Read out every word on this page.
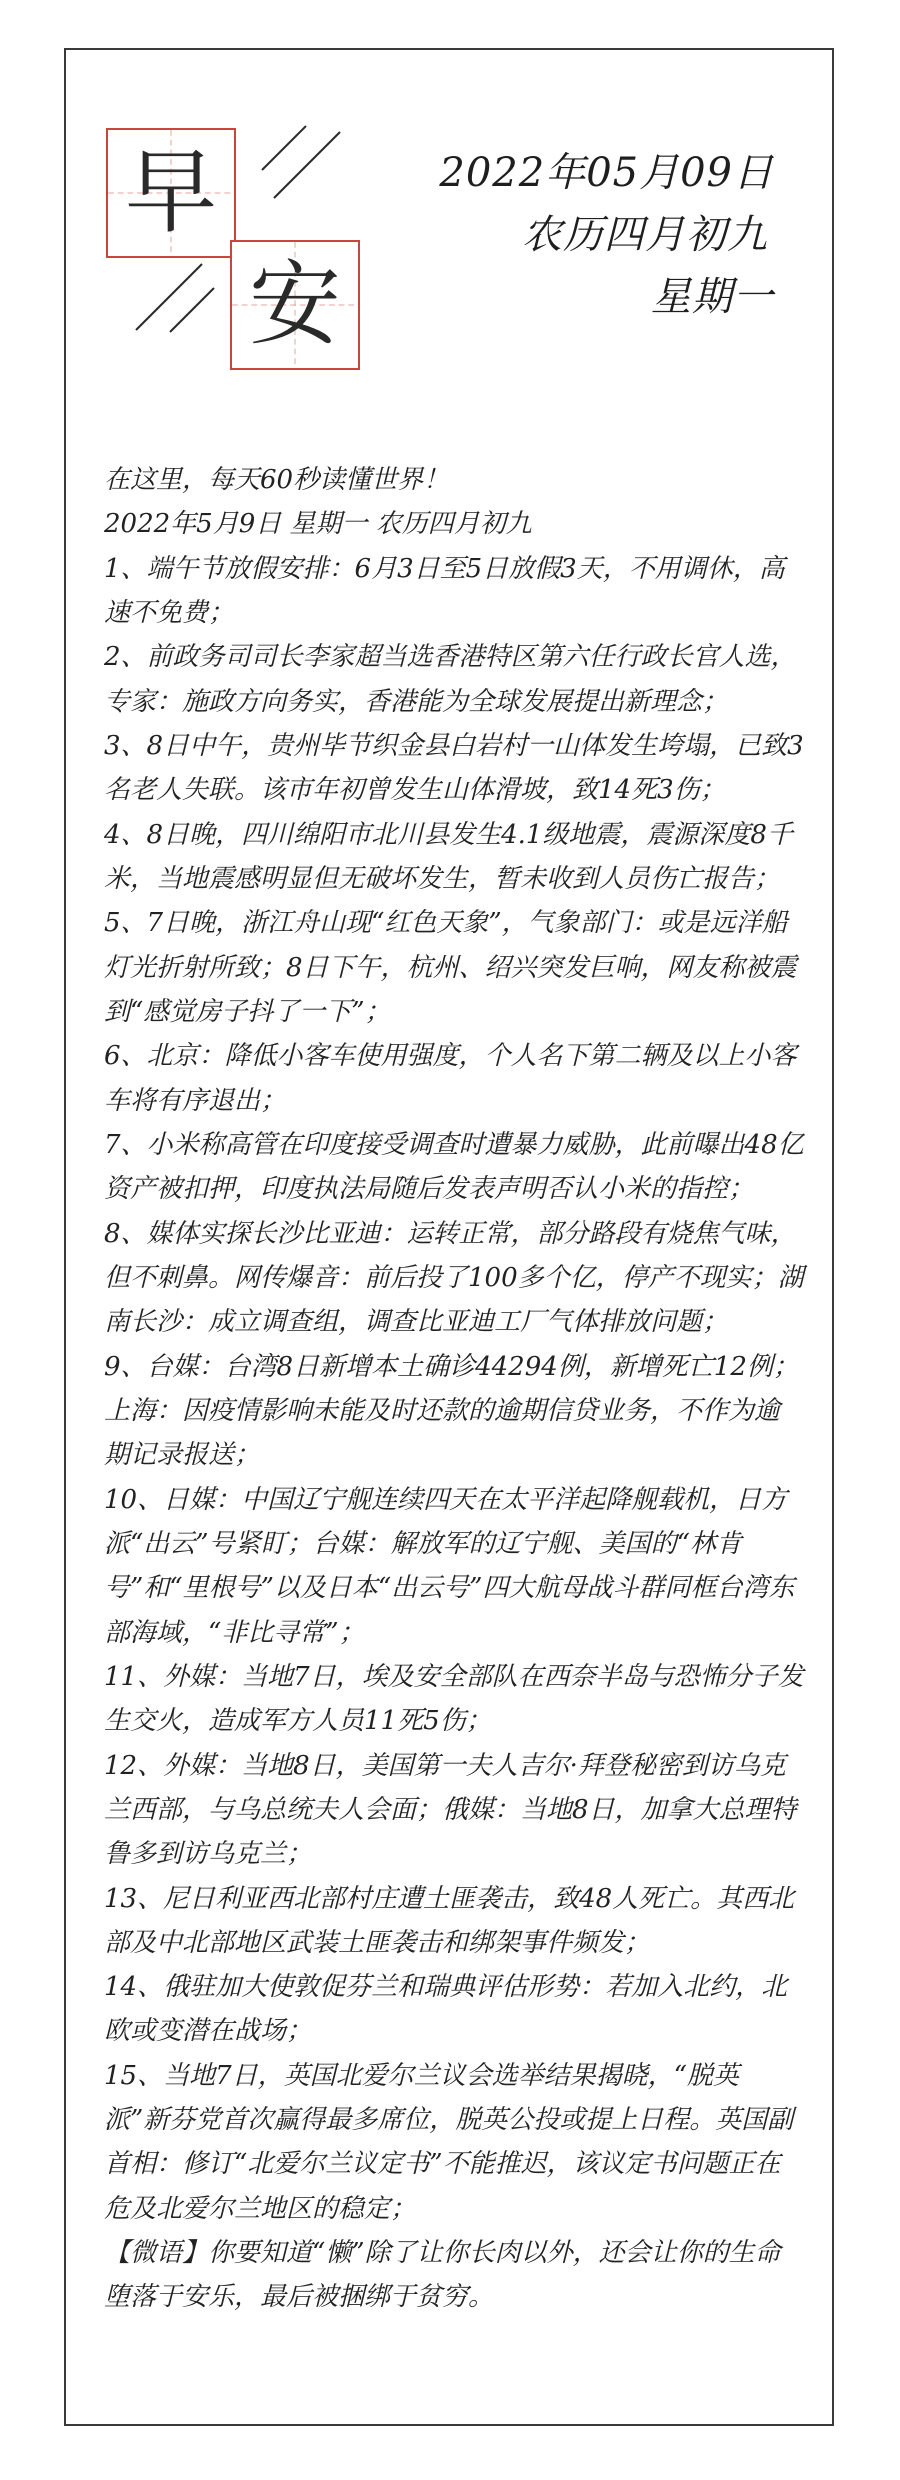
早
安
2022年05月09日
农历四月初九
星期一

在这里，每天60秒读懂世界！

2022年5月9日 星期一 农历四月初九

1、端午节放假安排：6月3日至5日放假3天，不用调休，高速不免费；

2、前政务司司长李家超当选香港特区第六任行政长官人选，专家：施政方向务实，香港能为全球发展提出新理念；

3、8日中午，贵州毕节织金县白岩村一山体发生垮塌，已致3名老人失联。该市年初曾发生山体滑坡，致14死3伤；

4、8日晚，四川绵阳市北川县发生4.1级地震，震源深度8千米，当地震感明显但无破坏发生，暂未收到人员伤亡报告；

5、7日晚，浙江舟山现“红色天象”，气象部门：或是远洋船灯光折射所致；8日下午，杭州、绍兴突发巨响，网友称被震到“感觉房子抖了一下”；

6、北京：降低小客车使用强度，个人名下第二辆及以上小客车将有序退出；

7、小米称高管在印度接受调查时遭暴力威胁，此前曝出48亿资产被扣押，印度执法局随后发表声明否认小米的指控；

8、媒体实探长沙比亚迪：运转正常，部分路段有烧焦气味，但不刺鼻。网传爆音：前后投了100多个亿，停产不现实；湖南长沙：成立调查组，调查比亚迪工厂气体排放问题；

9、台媒：台湾8日新增本土确诊44294例，新增死亡12例；上海：因疫情影响未能及时还款的逾期信贷业务，不作为逾期记录报送；

10、日媒：中国辽宁舰连续四天在太平洋起降舰载机，日方派“出云”号紧盯；台媒：解放军的辽宁舰、美国的“林肯号”和“里根号”以及日本“出云号”四大航母战斗群同框台湾东部海域，“非比寻常”；

11、外媒：当地7日，埃及安全部队在西奈半岛与恐怖分子发生交火，造成军方人员11死5伤；

12、外媒：当地8日，美国第一夫人吉尔·拜登秘密到访乌克兰西部，与乌总统夫人会面；俄媒：当地8日，加拿大总理特鲁多到访乌克兰；

13、尼日利亚西北部村庄遭土匪袭击，致48人死亡。其西北部及中北部地区武装土匪袭击和绑架事件频发；

14、俄驻加大使敦促芬兰和瑞典评估形势：若加入北约，北欧或变潜在战场；

15、当地7日，英国北爱尔兰议会选举结果揭晓，“脱英派”新芬党首次赢得最多席位，脱英公投或提上日程。英国副首相：修订“北爱尔兰议定书”不能推迟，该议定书问题正在危及北爱尔兰地区的稳定；

【微语】你要知道“懒”除了让你长肉以外，还会让你的生命堕落于安乐，最后被捆绑于贫穷。
